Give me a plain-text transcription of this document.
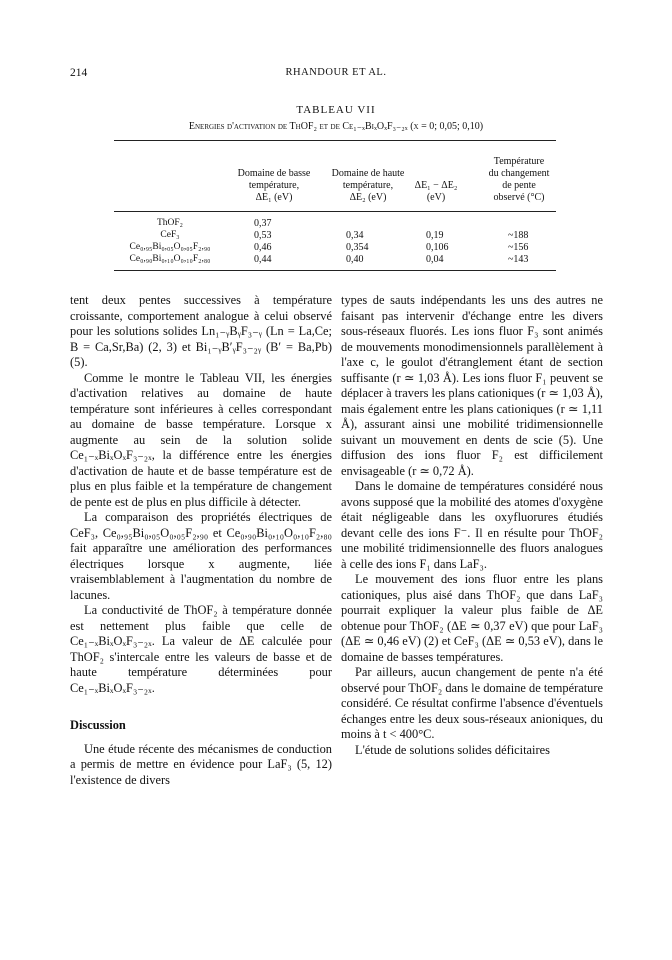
214	RHANDOUR ET AL.
TABLEAU VII
Energies d'activation de ThOF₂ et de Ce₁₋ₓBiₓOₓF₃₋₂ₓ (x = 0; 0,05; 0,10)
Domaine de basse
température,
ΔE₁ (eV)
Domaine de haute
température,
ΔE₂ (eV)
ΔE₁ − ΔE₂
(eV)
Température
du changement
de pente
observé (°C)
ThOF₂	0,37
CeF₃	0,53	0,34	0,19	~188
Ce₀,₉₅Bi₀,₀₅O₀,₀₅F₂,₉₀	0,46	0,354	0,106	~156
Ce₀,₉₀Bi₀,₁₀O₀,₁₀F₂,₈₀	0,44	0,40	0,04	~143

tent deux pentes successives à température croissante, comportement analogue à celui observé pour les solutions solides Ln₁₋ᵧBᵧF₃₋ᵧ (Ln = La,Ce; B = Ca,Sr,Ba) (2, 3) et Bi₁₋ᵧB′ᵧF₃₋₂ᵧ (B′ = Ba,Pb) (5).

Comme le montre le Tableau VII, les énergies d'activation relatives au domaine de haute température sont inférieures à celles correspondant au domaine de basse température. Lorsque x augmente au sein de la solution solide Ce₁₋ₓBiₓOₓF₃₋₂ₓ, la différence entre les énergies d'activation de haute et de basse température est de plus en plus faible et la température de changement de pente est de plus en plus difficile à détecter.

La comparaison des propriétés électriques de CeF₃, Ce₀,₉₅Bi₀,₀₅O₀,₀₅F₂,₉₀ et Ce₀,₉₀Bi₀,₁₀O₀,₁₀F₂,₈₀ fait apparaître une amélioration des performances électriques lorsque x augmente, liée vraisemblablement à l'augmentation du nombre de lacunes.

La conductivité de ThOF₂ à température donnée est nettement plus faible que celle de Ce₁₋ₓBiₓOₓF₃₋₂ₓ. La valeur de ΔE calculée pour ThOF₂ s'intercale entre les valeurs de basse et de haute température déterminées pour Ce₁₋ₓBiₓOₓF₃₋₂ₓ.

Discussion

Une étude récente des mécanismes de conduction a permis de mettre en évidence pour LaF₃ (5, 12) l'existence de divers

types de sauts indépendants les uns des autres ne faisant pas intervenir d'échange entre les divers sous-réseaux fluorés. Les ions fluor F₃ sont animés de mouvements monodimensionnels parallèlement à l'axe c, le goulot d'étranglement étant de section suffisante (r ≃ 1,03 Å). Les ions fluor F₁ peuvent se déplacer à travers les plans cationiques (r ≃ 1,03 Å), mais également entre les plans cationiques (r ≃ 1,11 Å), assurant ainsi une mobilité tridimensionnelle suivant un mouvement en dents de scie (5). Une diffusion des ions fluor F₂ est difficilement envisageable (r ≃ 0,72 Å).

Dans le domaine de températures considéré nous avons supposé que la mobilité des atomes d'oxygène était négligeable dans les oxyfluorures étudiés devant celle des ions F⁻. Il en résulte pour ThOF₂ une mobilité tridimensionnelle des fluors analogues à celle des ions F₁ dans LaF₃.

Le mouvement des ions fluor entre les plans cationiques, plus aisé dans ThOF₂ que dans LaF₃ pourrait expliquer la valeur plus faible de ΔE obtenue pour ThOF₂ (ΔE ≃ 0,37 eV) que pour LaF₃ (ΔE ≃ 0,46 eV) (2) et CeF₃ (ΔE ≃ 0,53 eV), dans le domaine de basses températures.

Par ailleurs, aucun changement de pente n'a été observé pour ThOF₂ dans le domaine de température considéré. Ce résultat confirme l'absence d'éventuels échanges entre les deux sous-réseaux anioniques, du moins à t < 400°C.

L'étude de solutions solides déficitaires
